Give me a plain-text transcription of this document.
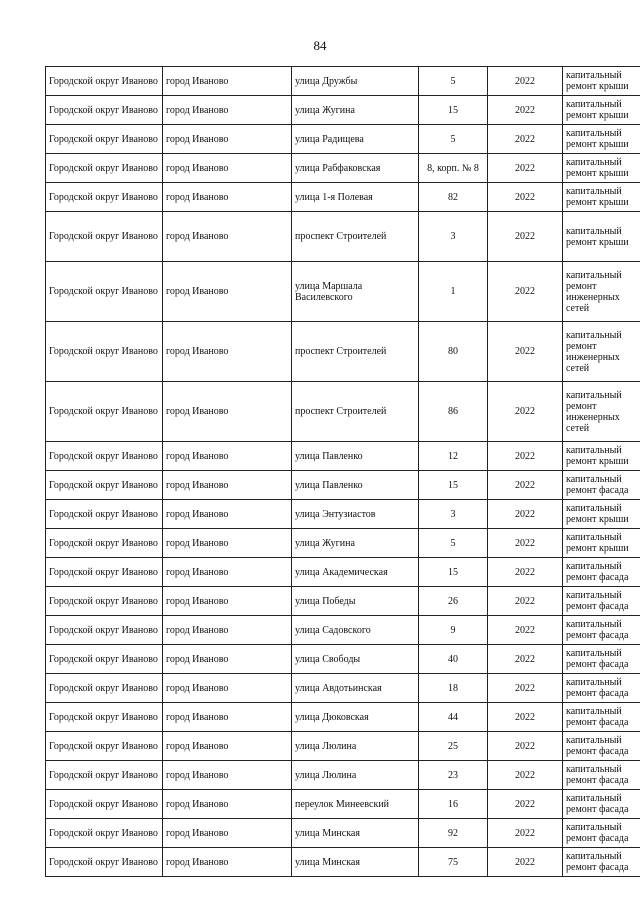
84
Городской округ Иваново	город Иваново	улица Дружбы	5	2022	капитальный ремонт крыши
Городской округ Иваново	город Иваново	улица Жугина	15	2022	капитальный ремонт крыши
Городской округ Иваново	город Иваново	улица Радищева	5	2022	капитальный ремонт крыши
Городской округ Иваново	город Иваново	улица Рабфаковская	8, корп. № 8	2022	капитальный ремонт крыши
Городской округ Иваново	город Иваново	улица 1-я Полевая	82	2022	капитальный ремонт крыши
Городской округ Иваново	город Иваново	проспект Строителей	3	2022	капитальный ремонт крыши
Городской округ Иваново	город Иваново	улица Маршала Василевского	1	2022	капитальный ремонт инженерных сетей
Городской округ Иваново	город Иваново	проспект Строителей	80	2022	капитальный ремонт инженерных сетей
Городской округ Иваново	город Иваново	проспект Строителей	86	2022	капитальный ремонт инженерных сетей
Городской округ Иваново	город Иваново	улица Павленко	12	2022	капитальный ремонт крыши
Городской округ Иваново	город Иваново	улица Павленко	15	2022	капитальный ремонт фасада
Городской округ Иваново	город Иваново	улица Энтузиастов	3	2022	капитальный ремонт крыши
Городской округ Иваново	город Иваново	улица Жугина	5	2022	капитальный ремонт крыши
Городской округ Иваново	город Иваново	улица Академическая	15	2022	капитальный ремонт фасада
Городской округ Иваново	город Иваново	улица Победы	26	2022	капитальный ремонт фасада
Городской округ Иваново	город Иваново	улица Садовского	9	2022	капитальный ремонт фасада
Городской округ Иваново	город Иваново	улица Свободы	40	2022	капитальный ремонт фасада
Городской округ Иваново	город Иваново	улица Авдотьинская	18	2022	капитальный ремонт фасада
Городской округ Иваново	город Иваново	улица Дюковская	44	2022	капитальный ремонт фасада
Городской округ Иваново	город Иваново	улица Люлина	25	2022	капитальный ремонт фасада
Городской округ Иваново	город Иваново	улица Люлина	23	2022	капитальный ремонт фасада
Городской округ Иваново	город Иваново	переулок Минеевский	16	2022	капитальный ремонт фасада
Городской округ Иваново	город Иваново	улица Минская	92	2022	капитальный ремонт фасада
Городской округ Иваново	город Иваново	улица Минская	75	2022	капитальный ремонт фасада
